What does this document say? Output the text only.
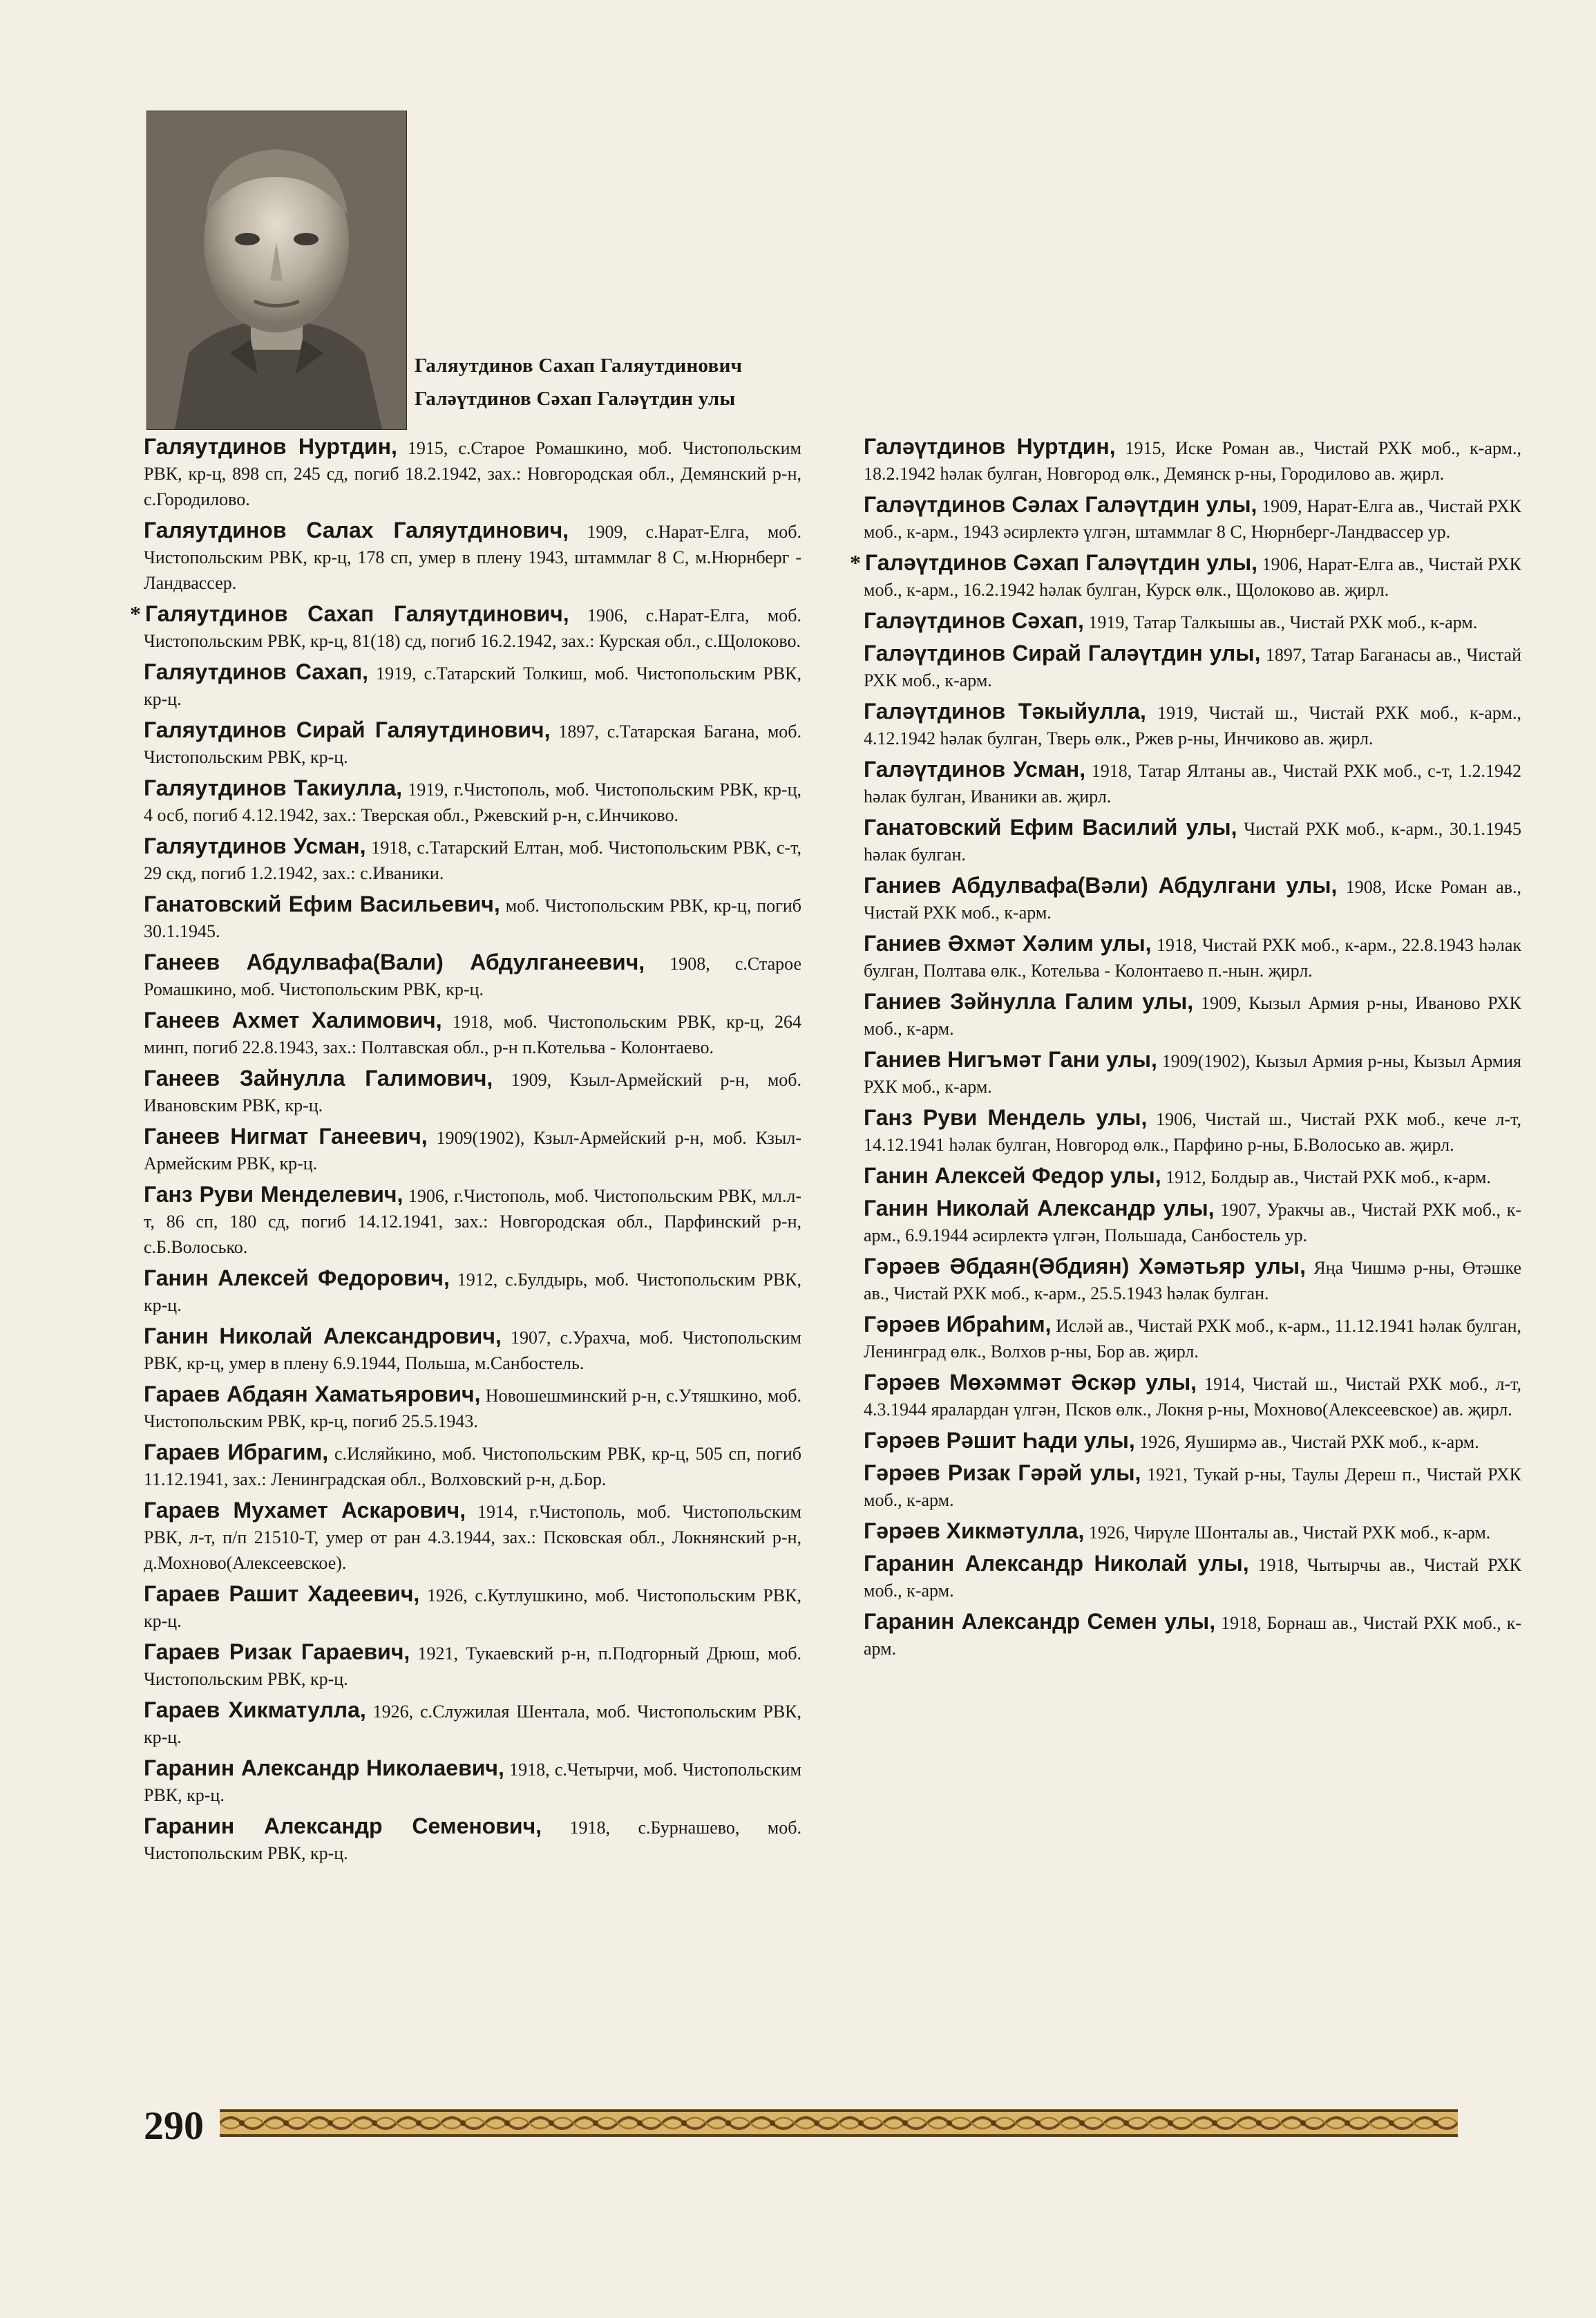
Галяутдинов Сахап Галяутдинович
Галәүтдинов Сәхап Галәүтдин улы
Галяутдинов Нуртдин, 1915, с.Старое Ромашкино, моб. Чистопольским РВК, кр-ц, 898 сп, 245 сд, погиб 18.2.1942, зах.: Новгородская обл., Демянский р-н, с.Городилово.
Галяутдинов Салах Галяутдинович, 1909, с.Нарат-Елга, моб. Чистопольским РВК, кр-ц, 178 сп, умер в плену 1943, штаммлаг 8 С, м.Нюрнберг - Ландвассер.
* Галяутдинов Сахап Галяутдинович, 1906, с.Нарат-Елга, моб. Чистопольским РВК, кр-ц, 81(18) сд, погиб 16.2.1942, зах.: Курская обл., с.Щолоково.
Галяутдинов Сахап, 1919, с.Татарский Толкиш, моб. Чистопольским РВК, кр-ц.
Галяутдинов Сирай Галяутдинович, 1897, с.Татарская Багана, моб. Чистопольским РВК, кр-ц.
Галяутдинов Такиулла, 1919, г.Чистополь, моб. Чистопольским РВК, кр-ц, 4 осб, погиб 4.12.1942, зах.: Тверская обл., Ржевский р-н, с.Инчиково.
Галяутдинов Усман, 1918, с.Татарский Елтан, моб. Чистопольским РВК, с-т, 29 скд, погиб 1.2.1942, зах.: с.Иваники.
Ганатовский Ефим Васильевич, моб. Чистопольским РВК, кр-ц, погиб 30.1.1945.
Ганеев Абдулвафа(Вали) Абдулганеевич, 1908, с.Старое Ромашкино, моб. Чистопольским РВК, кр-ц.
Ганеев Ахмет Халимович, 1918, моб. Чистопольским РВК, кр-ц, 264 минп, погиб 22.8.1943, зах.: Полтавская обл., р-н п.Котельва - Колонтаево.
Ганеев Зайнулла Галимович, 1909, Кзыл-Армейский р-н, моб. Ивановским РВК, кр-ц.
Ганеев Нигмат Ганеевич, 1909(1902), Кзыл-Армейский р-н, моб. Кзыл-Армейским РВК, кр-ц.
Ганз Руви Менделевич, 1906, г.Чистополь, моб. Чистопольским РВК, мл.л-т, 86 сп, 180 сд, погиб 14.12.1941, зах.: Новгородская обл., Парфинский р-н, с.Б.Волосько.
Ганин Алексей Федорович, 1912, с.Булдырь, моб. Чистопольским РВК, кр-ц.
Ганин Николай Александрович, 1907, с.Урахча, моб. Чистопольским РВК, кр-ц, умер в плену 6.9.1944, Польша, м.Санбостель.
Гараев Абдаян Хаматьярович, Новошешминский р-н, с.Утяшкино, моб. Чистопольским РВК, кр-ц, погиб 25.5.1943.
Гараев Ибрагим, с.Исляйкино, моб. Чистопольским РВК, кр-ц, 505 сп, погиб 11.12.1941, зах.: Ленинградская обл., Волховский р-н, д.Бор.
Гараев Мухамет Аскарович, 1914, г.Чистополь, моб. Чистопольским РВК, л-т, п/п 21510-Т, умер от ран 4.3.1944, зах.: Псковская обл., Локнянский р-н, д.Мохново(Алексеевское).
Гараев Рашит Хадеевич, 1926, с.Кутлушкино, моб. Чистопольским РВК, кр-ц.
Гараев Ризак Гараевич, 1921, Тукаевский р-н, п.Подгорный Дрюш, моб. Чистопольским РВК, кр-ц.
Гараев Хикматулла, 1926, с.Служилая Шентала, моб. Чистопольским РВК, кр-ц.
Гаранин Александр Николаевич, 1918, с.Четырчи, моб. Чистопольским РВК, кр-ц.
Гаранин Александр Семенович, 1918, с.Бурнашево, моб. Чистопольским РВК, кр-ц.
Галәүтдинов Нуртдин, 1915, Иске Роман ав., Чистай РХК моб., к-арм., 18.2.1942 һәлак булган, Новгород өлк., Демянск р-ны, Городилово ав. җирл.
Галәүтдинов Сәлах Галәүтдин улы, 1909, Нарат-Елга ав., Чистай РХК моб., к-арм., 1943 әсирлектә үлгән, штаммлаг 8 С, Нюрнберг-Ландвассер ур.
* Галәүтдинов Сәхап Галәүтдин улы, 1906, Нарат-Елга ав., Чистай РХК моб., к-арм., 16.2.1942 һәлак булган, Курск өлк., Щолоково ав. җирл.
Галәүтдинов Сәхап, 1919, Татар Талкышы ав., Чистай РХК моб., к-арм.
Галәүтдинов Сирай Галәүтдин улы, 1897, Татар Баганасы ав., Чистай РХК моб., к-арм.
Галәүтдинов Тәкыйулла, 1919, Чистай ш., Чистай РХК моб., к-арм., 4.12.1942 һәлак булган, Тверь өлк., Ржев р-ны, Инчиково ав. җирл.
Галәүтдинов Усман, 1918, Татар Ялтаны ав., Чистай РХК моб., с-т, 1.2.1942 һәлак булган, Иваники ав. җирл.
Ганатовский Ефим Василий улы, Чистай РХК моб., к-арм., 30.1.1945 һәлак булган.
Ганиев Абдулвафа(Вәли) Абдулгани улы, 1908, Иске Роман ав., Чистай РХК моб., к-арм.
Ганиев Әхмәт Хәлим улы, 1918, Чистай РХК моб., к-арм., 22.8.1943 һәлак булган, Полтава өлк., Котельва - Колонтаево п.-нын. җирл.
Ганиев Зәйнулла Галим улы, 1909, Кызыл Армия р-ны, Иваново РХК моб., к-арм.
Ганиев Нигъмәт Гани улы, 1909(1902), Кызыл Армия р-ны, Кызыл Армия РХК моб., к-арм.
Ганз Руви Мендель улы, 1906, Чистай ш., Чистай РХК моб., кече л-т, 14.12.1941 һәлак булган, Новгород өлк., Парфино р-ны, Б.Волосько ав. җирл.
Ганин Алексей Федор улы, 1912, Болдыр ав., Чистай РХК моб., к-арм.
Ганин Николай Александр улы, 1907, Уракчы ав., Чистай РХК моб., к-арм., 6.9.1944 әсирлектә үлгән, Польшада, Санбостель ур.
Гәрәев Әбдаян(Әбдиян) Хәмәтьяр улы, Яңа Чишмә р-ны, Өтәшке ав., Чистай РХК моб., к-арм., 25.5.1943 һәлак булган.
Гәрәев Ибраһим, Исләй ав., Чистай РХК моб., к-арм., 11.12.1941 һәлак булган, Ленинград өлк., Волхов р-ны, Бор ав. җирл.
Гәрәев Мөхәммәт Әскәр улы, 1914, Чистай ш., Чистай РХК моб., л-т, 4.3.1944 яралардан үлгән, Псков өлк., Локня р-ны, Мохново(Алексеевское) ав. җирл.
Гәрәев Рәшит Һади улы, 1926, Яуширмә ав., Чистай РХК моб., к-арм.
Гәрәев Ризак Гәрәй улы, 1921, Тукай р-ны, Таулы Дереш п., Чистай РХК моб., к-арм.
Гәрәев Хикмәтулла, 1926, Чирүле Шонталы ав., Чистай РХК моб., к-арм.
Гаранин Александр Николай улы, 1918, Чытырчы ав., Чистай РХК моб., к-арм.
Гаранин Александр Семен улы, 1918, Борнаш ав., Чистай РХК моб., к-арм.
290
